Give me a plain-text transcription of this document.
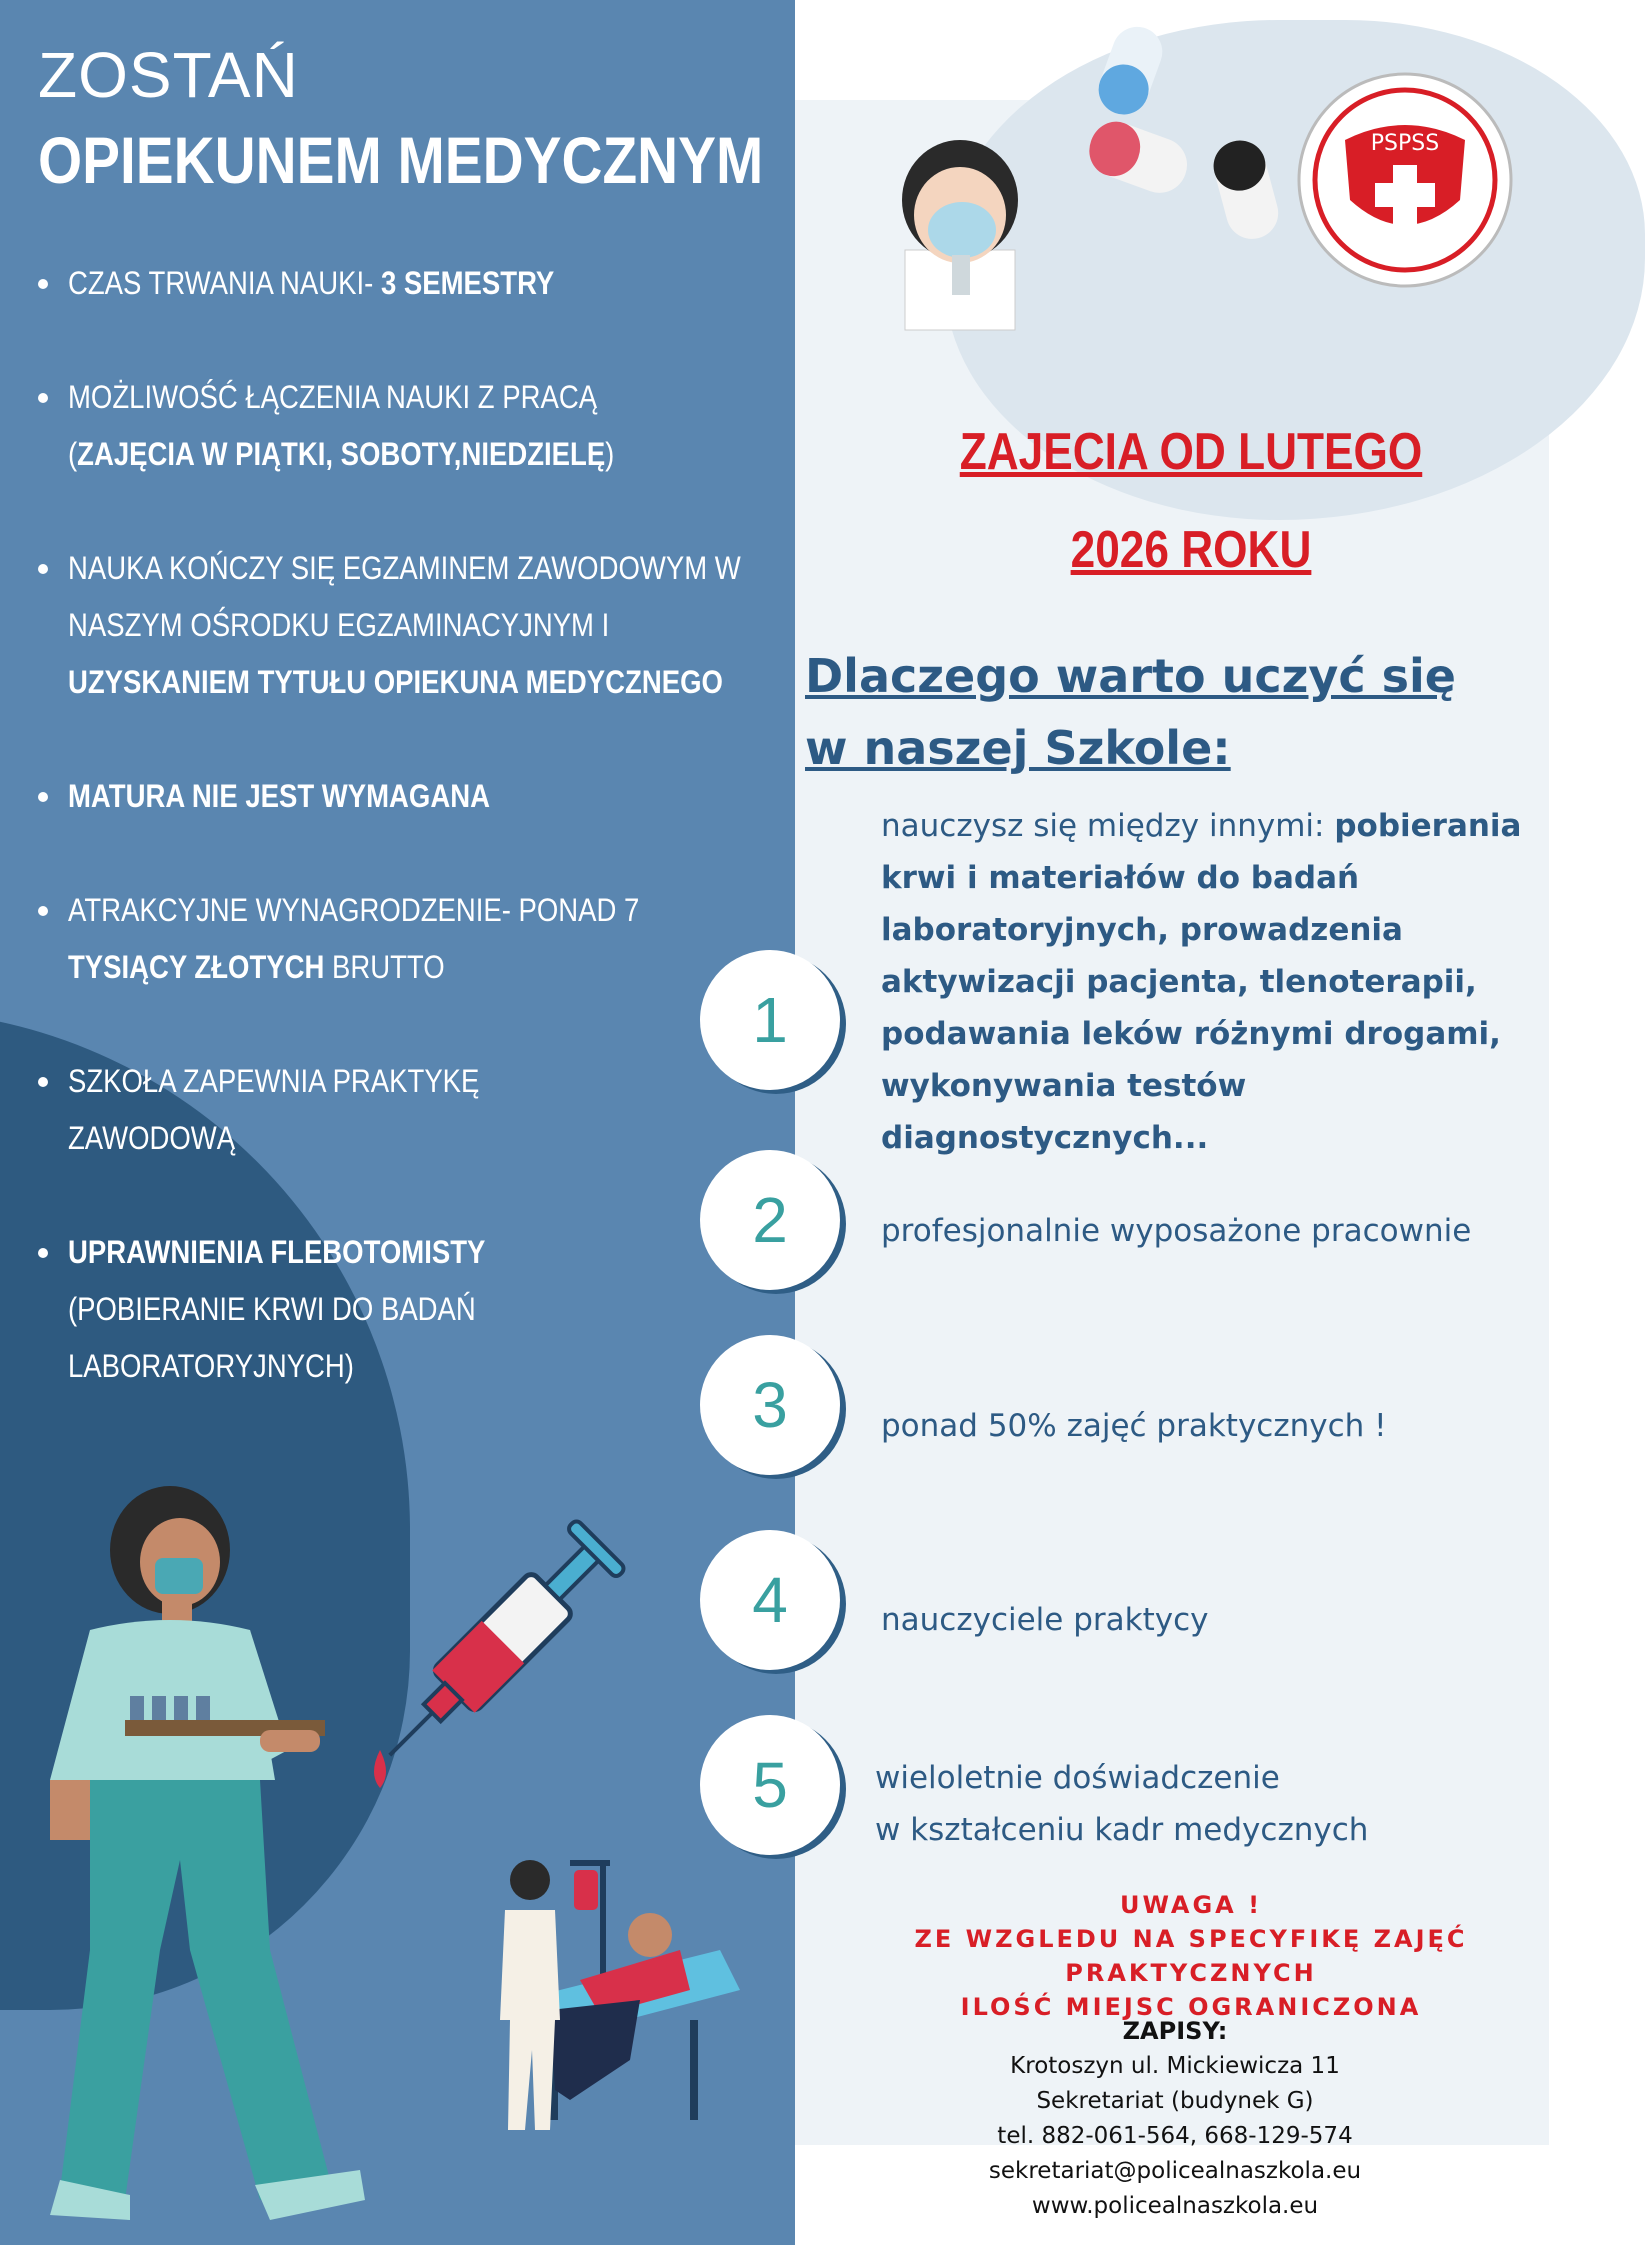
ZOSTAŃ
OPIEKUNEM MEDYCZNYM
CZAS TRWANIA NAUKI- 3 SEMESTRY
MOŻLIWOŚĆ ŁĄCZENIA NAUKI Z PRACĄ
(ZAJĘCIA W PIĄTKI, SOBOTY,NIEDZIELĘ)
NAUKA KOŃCZY SIĘ EGZAMINEM ZAWODOWYM W NASZYM OŚRODKU EGZAMINACYJNYM I UZYSKANIEM TYTUŁU OPIEKUNA MEDYCZNEGO
MATURA NIE JEST WYMAGANA
ATRAKCYJNE WYNAGRODZENIE- PONAD 7 TYSIĄCY ZŁOTYCH BRUTTO
SZKOŁA ZAPEWNIA PRAKTYKĘ ZAWODOWĄ
UPRAWNIENIA FLEBOTOMISTY
(POBIERANIE KRWI DO BADAŃ LABORATORYJNYCH)
PSPSS
ZAJECIA OD LUTEGO
2026 ROKU
Dlaczego warto uczyć się
w naszej Szkole:
1
nauczysz się między innymi: pobierania krwi i materiałów do badań laboratoryjnych, prowadzenia aktywizacji pacjenta, tlenoterapii, podawania leków różnymi drogami, wykonywania testów diagnostycznych...
2	profesjonalnie wyposażone pracownie
3	ponad 50% zajęć praktycznych !
4	nauczyciele praktycy
5	wieloletnie doświadczenie
w kształceniu kadr medycznych
UWAGA !
ZE WZGLEDU NA SPECYFIKĘ ZAJĘĆ PRAKTYCZNYCH
ILOŚĆ MIEJSC OGRANICZONA
ZAPISY:
Krotoszyn ul. Mickiewicza 11
Sekretariat (budynek G)
tel. 882-061-564, 668-129-574
sekretariat@policealnaszkola.eu
www.policealnaszkola.eu
